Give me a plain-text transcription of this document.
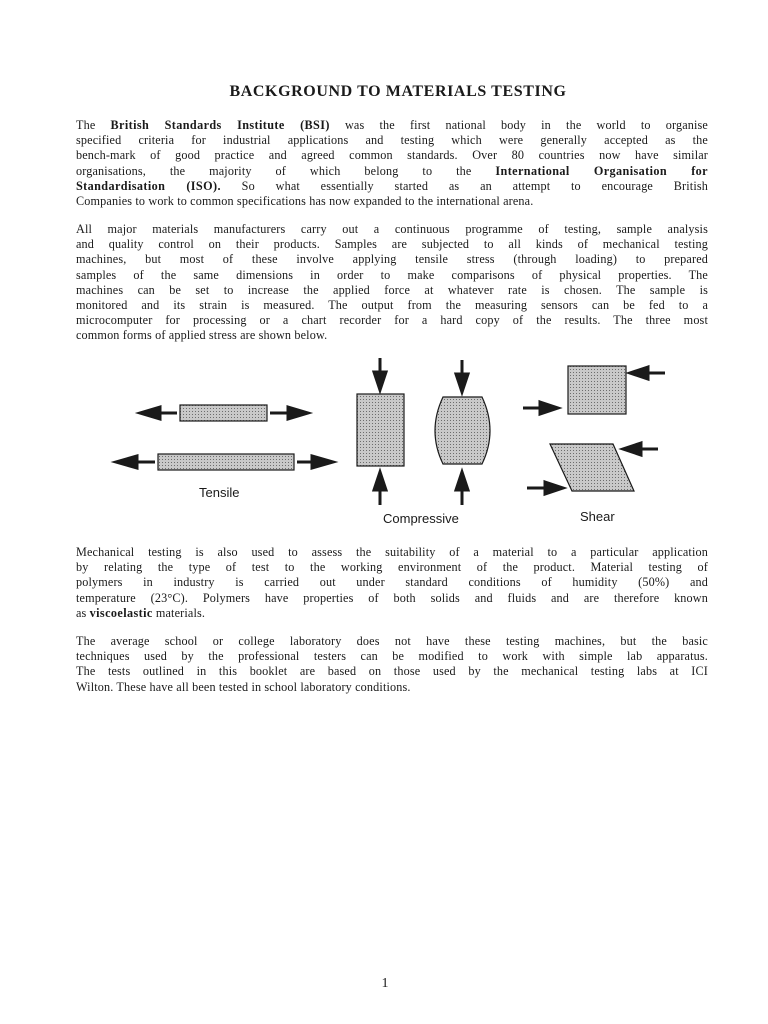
BACKGROUND TO MATERIALS TESTING

The British Standards Institute (BSI) was the first national body in the world to organise
specified criteria for industrial applications and testing which were generally accepted as the
bench-mark of good practice and agreed common standards. Over 80 countries now have similar
organisations, the majority of which belong to the International Organisation for
Standardisation (ISO). So what essentially started as an attempt to encourage British
Companies to work to common specifications has now expanded to the international arena.

All major materials manufacturers carry out a continuous programme of testing, sample analysis
and quality control on their products. Samples are subjected to all kinds of mechanical testing
machines, but most of these involve applying tensile stress (through loading) to prepared
samples of the same dimensions in order to make comparisons of physical properties. The
machines can be set to increase the applied force at whatever rate is chosen. The sample is
monitored and its strain is measured. The output from the measuring sensors can be fed to a
microcomputer for processing or a chart recorder for a hard copy of the results. The three most
common forms of applied stress are shown below.

Tensile
Compressive	Shear

Mechanical testing is also used to assess the suitability of a material to a particular application
by relating the type of test to the working environment of the product. Material testing of
polymers in industry is carried out under standard conditions of humidity (50%) and
temperature (23°C). Polymers have properties of both solids and fluids and are therefore known
as viscoelastic materials.

The average school or college laboratory does not have these testing machines, but the basic
techniques used by the professional testers can be modified to work with simple lab apparatus.
The tests outlined in this booklet are based on those used by the mechanical testing labs at ICI
Wilton. These have all been tested in school laboratory conditions.

1
